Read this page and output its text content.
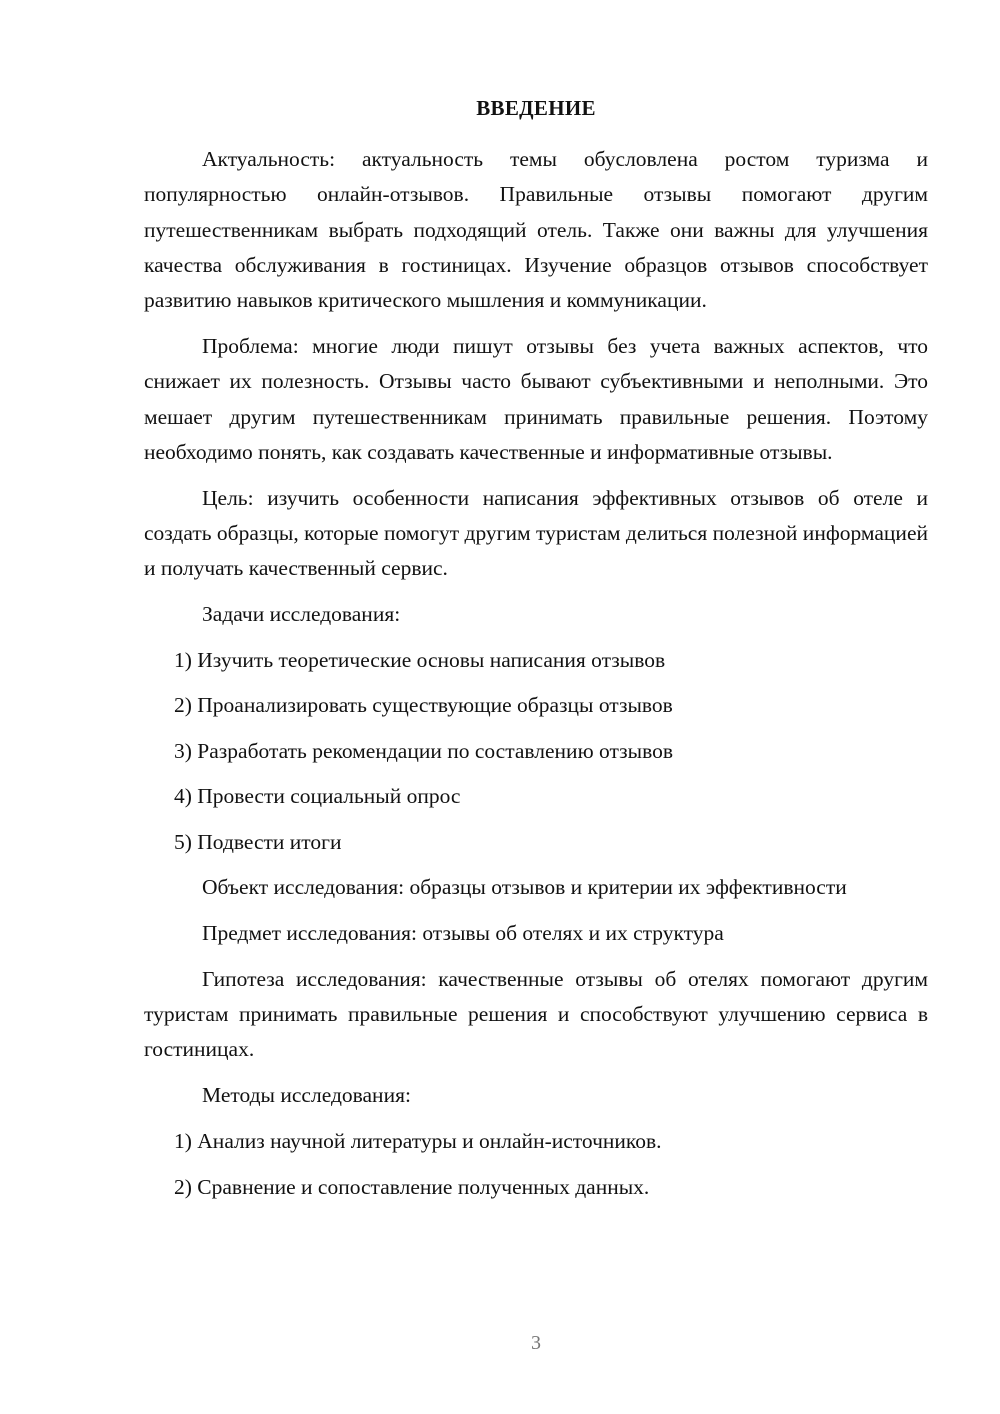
ВВЕДЕНИЕ

Актуальность: актуальность темы обусловлена ростом туризма и популярностью онлайн-отзывов. Правильные отзывы помогают другим путешественникам выбрать подходящий отель. Также они важны для улучшения качества обслуживания в гостиницах. Изучение образцов отзывов способствует развитию навыков критического мышления и коммуникации.

Проблема: многие люди пишут отзывы без учета важных аспектов, что снижает их полезность. Отзывы часто бывают субъективными и неполными. Это мешает другим путешественникам принимать правильные решения. Поэтому необходимо понять, как создавать качественные и информативные отзывы.

Цель: изучить особенности написания эффективных отзывов об отеле и создать образцы, которые помогут другим туристам делиться полезной информацией и получать качественный сервис.

Задачи исследования:

1) Изучить теоретические основы написания отзывов

2) Проанализировать существующие образцы отзывов

3) Разработать рекомендации по составлению отзывов

4) Провести социальный опрос

5) Подвести итоги

Объект исследования: образцы отзывов и критерии их эффективности

Предмет исследования: отзывы об отелях и их структура

Гипотеза исследования: качественные отзывы об отелях помогают другим туристам принимать правильные решения и способствуют улучшению сервиса в гостиницах.

Методы исследования:

1) Анализ научной литературы и онлайн-источников.

2) Сравнение и сопоставление полученных данных.

3
